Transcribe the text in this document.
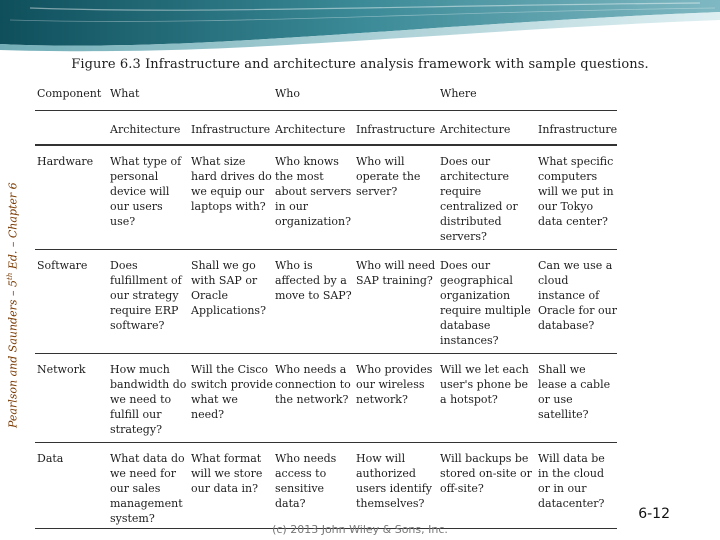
Figure 6.3 Infrastructure and architecture analysis framework with sample questions.
Pearlson and Saunders – 5th Ed. – Chapter 6
Component	What		Who		Where	
	Architecture	Infrastructure	Architecture	Infrastructure	Architecture	Infrastructure
Hardware	What type of personal device will our users use?	What size hard drives do we equip our laptops with?	Who knows the most about servers in our organization?	Who will operate the server?	Does our architecture require centralized or distributed servers?	What specific computers will we put in our Tokyo data center?
Software	Does fulfillment of our strategy require ERP software?	Shall we go with SAP or Oracle Applications?	Who is affected by a move to SAP?	Who will need SAP training?	Does our geographical organization require multiple database instances?	Can we use a cloud instance of Oracle for our database?
Network	How much bandwidth do we need to fulfill our strategy?	Will the Cisco switch provide what we need?	Who needs a connection to the network?	Who provides our wireless network?	Will we let each user's phone be a hotspot?	Shall we lease a cable or use satellite?
Data	What data do we need for our sales management system?	What format will we store our data in?	Who needs access to sensitive data?	How will authorized users identify themselves?	Will backups be stored on-site or off-site?	Will data be in the cloud or in our datacenter?
(c) 2013 John Wiley & Sons, Inc.
6-12
